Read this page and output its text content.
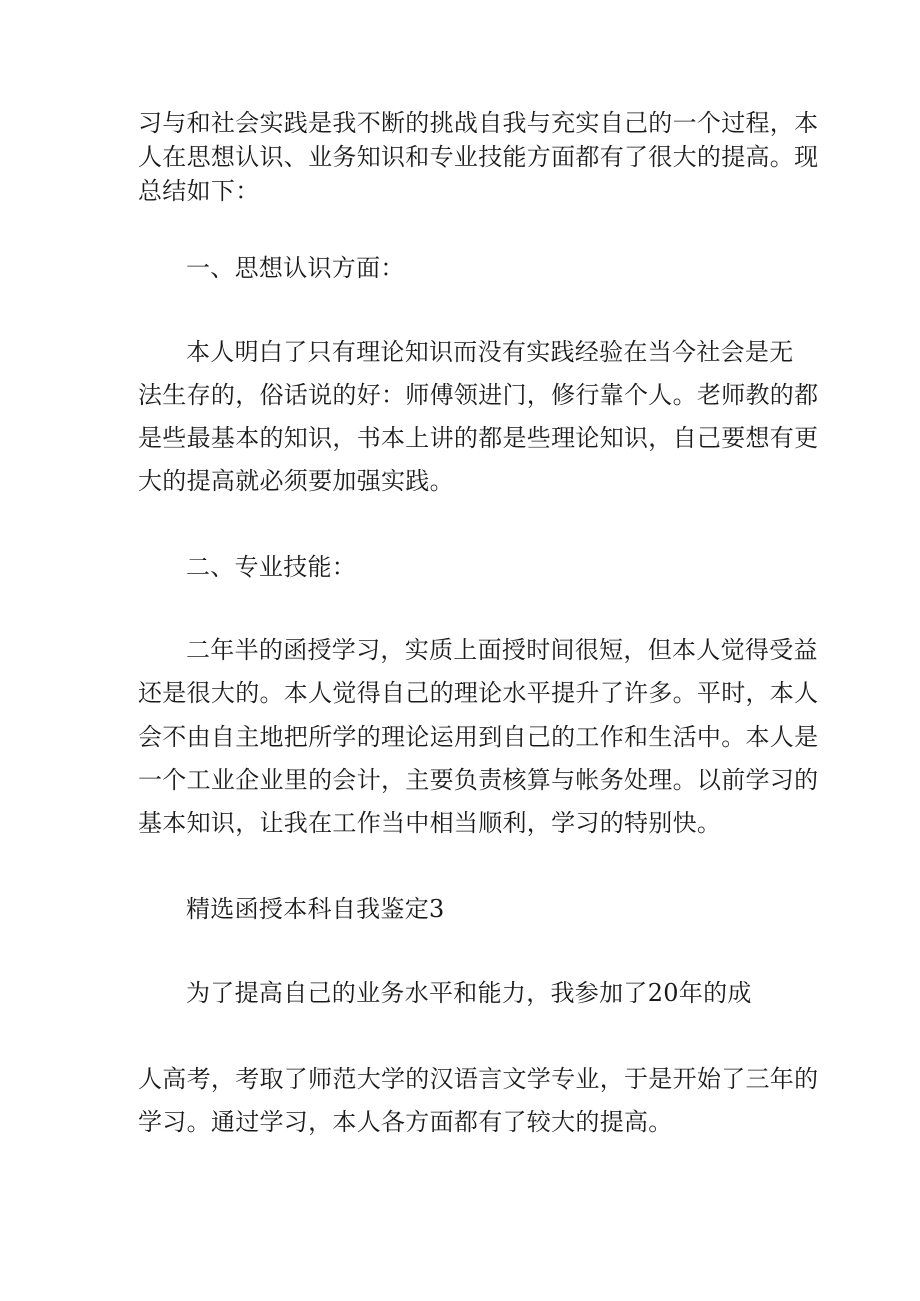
习与和社会实践是我不断的挑战自我与充实自己的一个过程，本
人在思想认识、业务知识和专业技能方面都有了很大的提高。现
总结如下：
一、思想认识方面：
本人明白了只有理论知识而没有实践经验在当今社会是无
法生存的，俗话说的好：师傅领进门，修行靠个人。老师教的都
是些最基本的知识，书本上讲的都是些理论知识，自己要想有更
大的提高就必须要加强实践。
二、专业技能：
二年半的函授学习，实质上面授时间很短，但本人觉得受益
还是很大的。本人觉得自己的理论水平提升了许多。平时，本人
会不由自主地把所学的理论运用到自己的工作和生活中。本人是
一个工业企业里的会计，主要负责核算与帐务处理。以前学习的
基本知识，让我在工作当中相当顺利，学习的特别快。
精选函授本科自我鉴定3
为了提高自己的业务水平和能力，我参加了20年的成
人高考，考取了师范大学的汉语言文学专业，于是开始了三年的
学习。通过学习，本人各方面都有了较大的提高。
